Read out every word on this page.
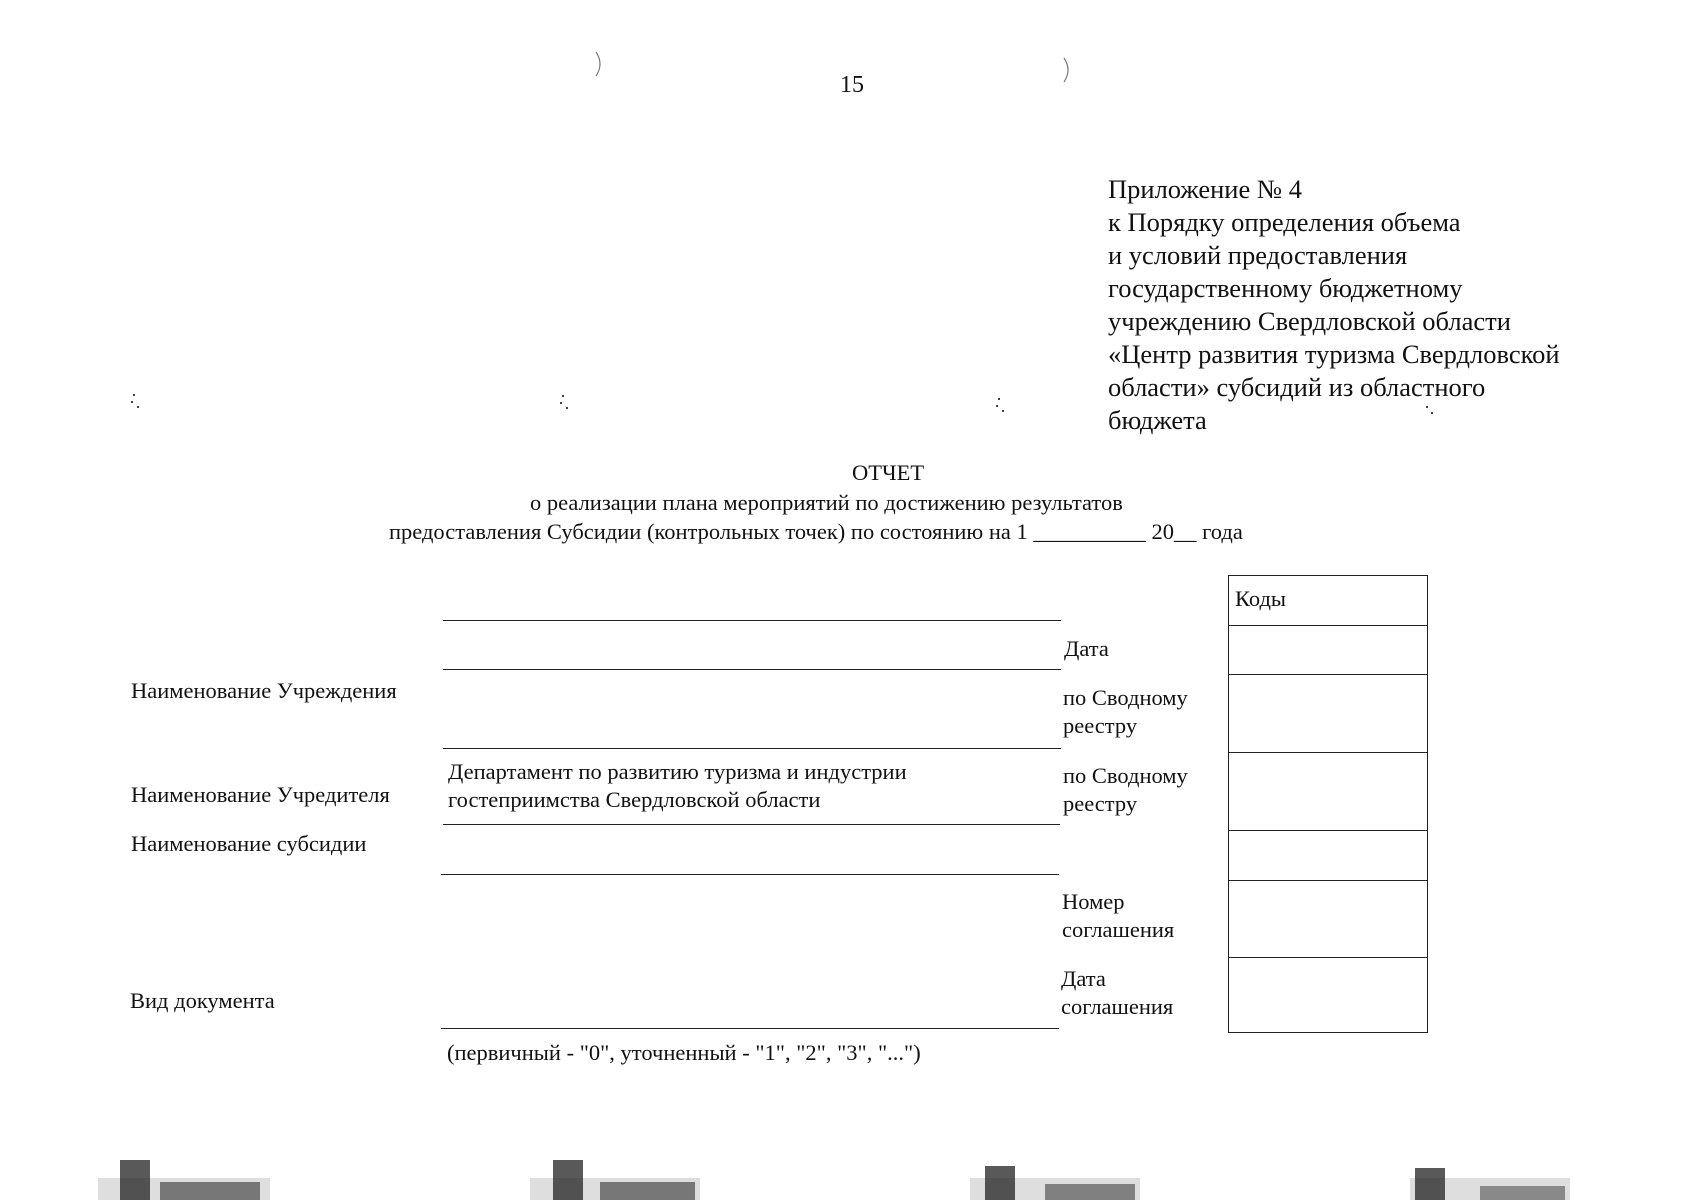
15
Приложение № 4
к Порядку определения объема
и условий предоставления
государственному бюджетному
учреждению Свердловской области
«Центр развития туризма Свердловской
области» субсидий из областного
бюджета
ОТЧЕТ
о реализации плана мероприятий по достижению результатов
предоставления Субсидии (контрольных точек) по состоянию на 1 __________ 20__ года
Наименование Учреждения
Наименование Учредителя
Наименование субсидии
Вид документа
Департамент по развитию туризма и индустрии
гостеприимства Свердловской области
(первичный - "0", уточненный - "1", "2", "3", "...")
Дата
по Сводному
реестру
по Сводному
реестру
Номер
соглашения
Дата
соглашения
Коды
